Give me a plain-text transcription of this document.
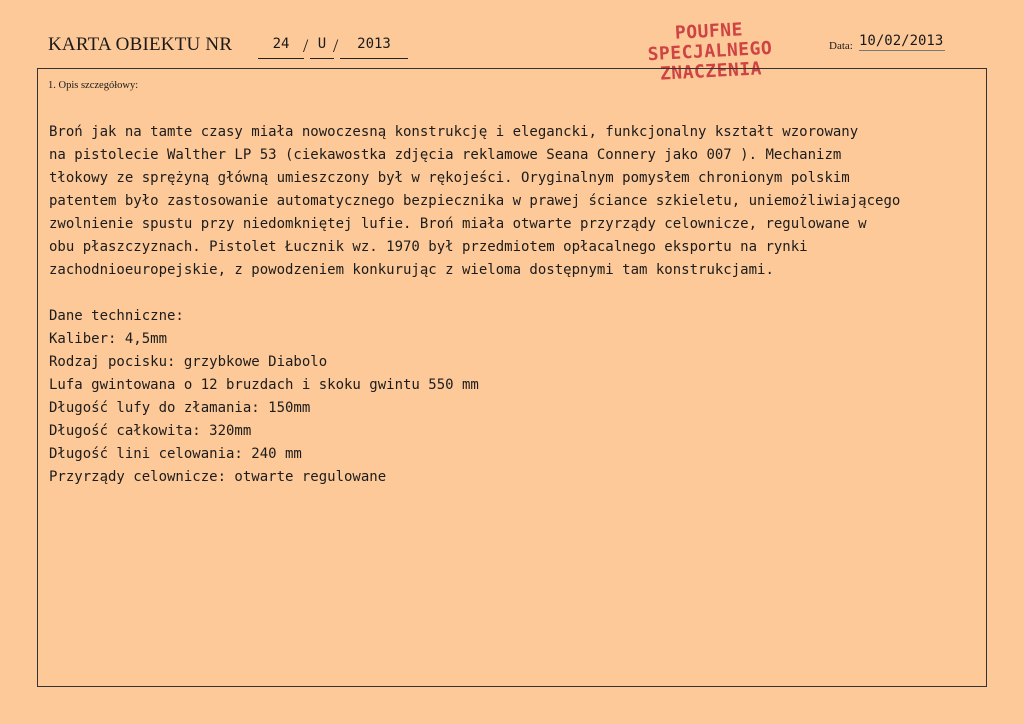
KARTA OBIEKTU NR	24 / U /	2013
POUFNE
SPECJALNEGO
ZNACZENIA
Data: 10/02/2013
1. Opis szczegółowy:
Broń jak na tamte czasy miała nowoczesną konstrukcję i elegancki, funkcjonalny kształt wzorowany
na pistolecie Walther LP 53 (ciekawostka zdjęcia reklamowe Seana Connery jako 007 ). Mechanizm
tłokowy ze sprężyną główną umieszczony był w rękojeści. Oryginalnym pomysłem chronionym polskim
patentem było zastosowanie automatycznego bezpiecznika w prawej ściance szkieletu, uniemożliwiającego
zwolnienie spustu przy niedomkniętej lufie. Broń miała otwarte przyrządy celownicze, regulowane w
obu płaszczyznach. Pistolet Łucznik wz. 1970 był przedmiotem opłacalnego eksportu na rynki
zachodnioeuropejskie, z powodzeniem konkurując z wieloma dostępnymi tam konstrukcjami.
Dane techniczne:
Kaliber: 4,5mm
Rodzaj pocisku: grzybkowe Diabolo
Lufa gwintowana o 12 bruzdach i skoku gwintu 550 mm
Długość lufy do złamania: 150mm
Długość całkowita: 320mm
Długość lini celowania: 240 mm
Przyrządy celownicze: otwarte regulowane
